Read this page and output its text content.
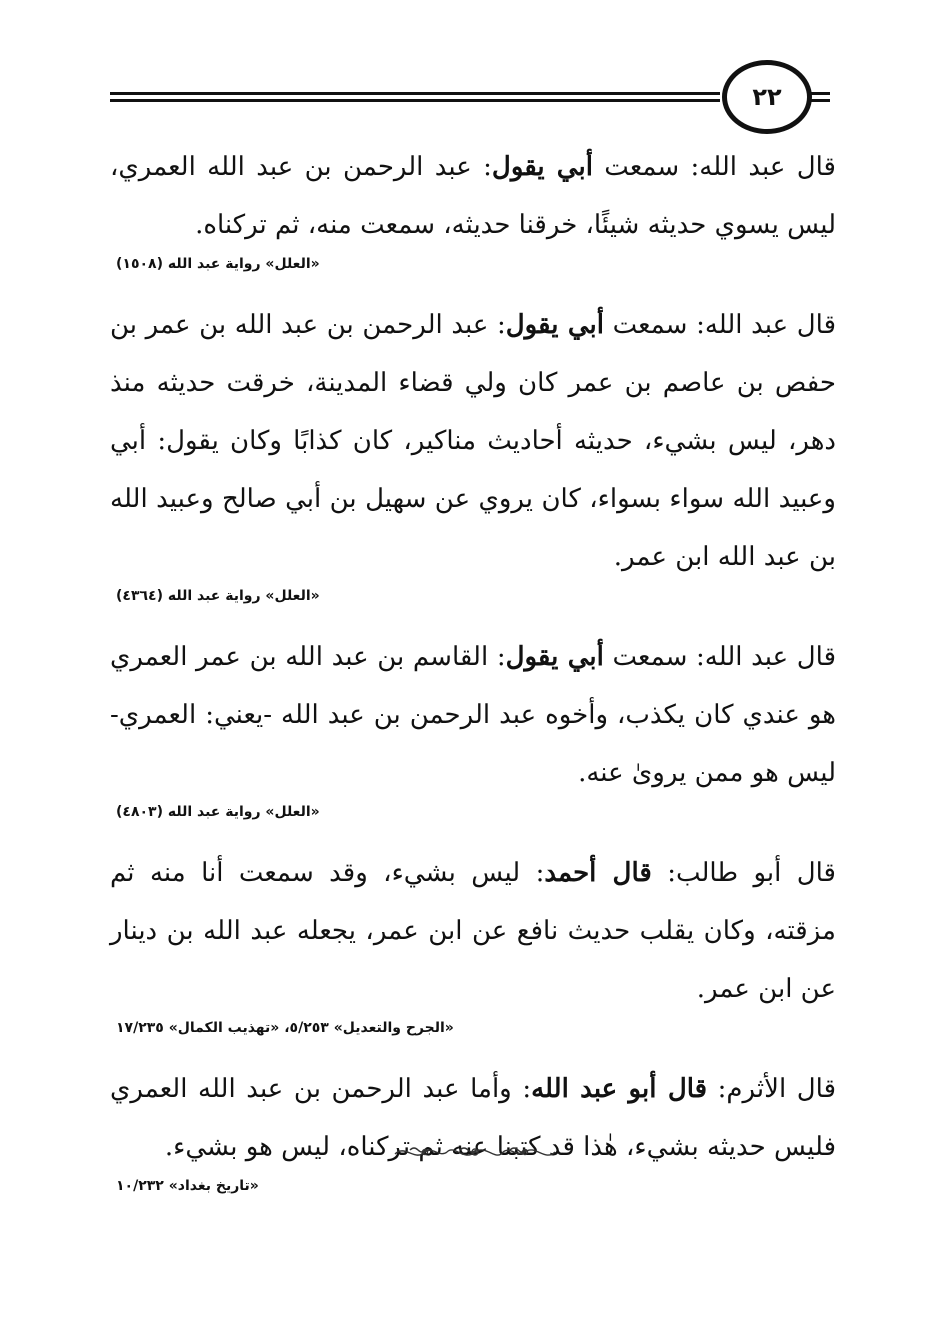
٢٢

قال عبد الله: سمعت أبي يقول: عبد الرحمن بن عبد الله العمري، ليس يسوي حديثه شيئًا، خرقنا حديثه، سمعت منه، ثم تركناه.

«العلل» رواية عبد الله (١٥٠٨)

قال عبد الله: سمعت أبي يقول: عبد الرحمن بن عبد الله بن عمر بن حفص بن عاصم بن عمر كان ولي قضاء المدينة، خرقت حديثه منذ دهر، ليس بشيء، حديثه أحاديث مناكير، كان كذابًا وكان يقول: أبي وعبيد الله سواء بسواء، كان يروي عن سهيل بن أبي صالح وعبيد الله بن عبد الله ابن عمر.

«العلل» رواية عبد الله (٤٣٦٤)

قال عبد الله: سمعت أبي يقول: القاسم بن عبد الله بن عمر العمري هو عندي كان يكذب، وأخوه عبد الرحمن بن عبد الله -يعني: العمري- ليس هو ممن يروىٰ عنه.

«العلل» رواية عبد الله (٤٨٠٣)

قال أبو طالب: قال أحمد: ليس بشيء، وقد سمعت أنا منه ثم مزقته، وكان يقلب حديث نافع عن ابن عمر، يجعله عبد الله بن دينار عن ابن عمر.

«الجرح والتعديل» ٥/٢٥٣، «تهذيب الكمال» ١٧/٢٣٥

قال الأثرم: قال أبو عبد الله: وأما عبد الرحمن بن عبد الله العمري فليس حديثه بشيء، هٰذا قد كتبنا عنه ثم تركناه، ليس هو بشيء.

«تاريخ بغداد» ١٠/٢٣٢
